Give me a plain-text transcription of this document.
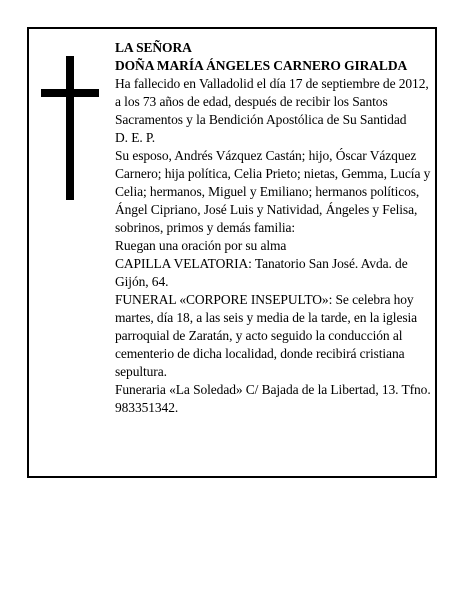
LA SEÑORA

DOÑA MARÍA ÁNGELES CARNERO GIRALDA

Ha fallecido en Valladolid el día 17 de septiembre de 2012, a los 73 años de edad, después de recibir los Santos Sacramentos y la Bendición Apostólica de Su Santidad

D. E. P.

Su esposo, Andrés Vázquez Castán; hijo, Óscar Vázquez Carnero; hija política, Celia Prieto; nietas, Gemma, Lucía y Celia; hermanos, Miguel y Emiliano; hermanos políticos, Ángel Cipriano, José Luis y Natividad, Ángeles y Felisa, sobrinos, primos y demás familia:

Ruegan una oración por su alma

CAPILLA VELATORIA: Tanatorio San José. Avda. de Gijón, 64.

FUNERAL «CORPORE INSEPULTO»: Se celebra hoy martes, día 18, a las seis y media de la tarde, en la iglesia parroquial de Zaratán, y acto seguido la conducción al cementerio de dicha localidad, donde recibirá cristiana sepultura.

Funeraria «La Soledad» C/ Bajada de la Libertad, 13. Tfno. 983351342.
